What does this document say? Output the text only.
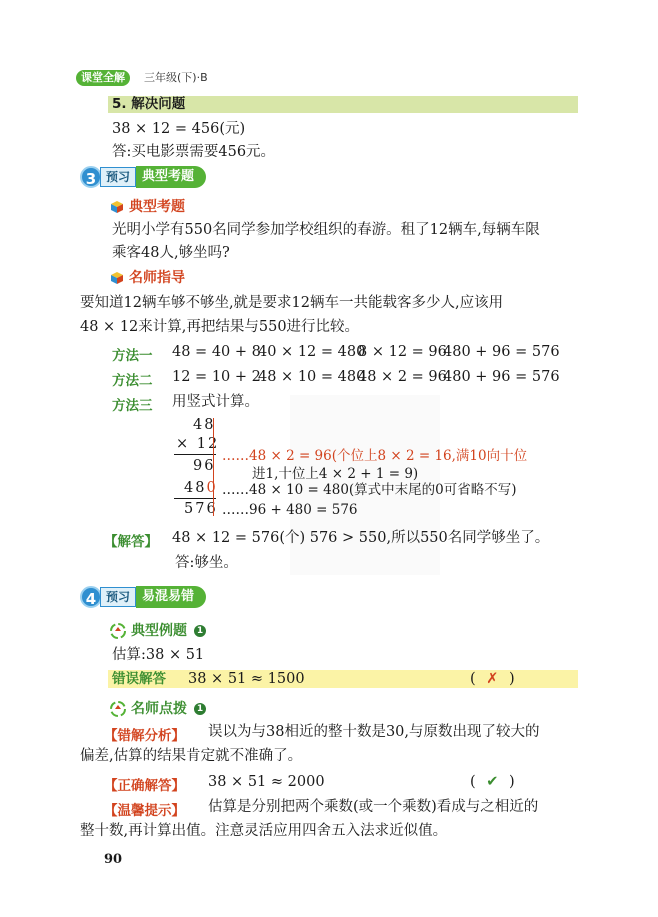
课堂全解	三年级(下)·B
5. 解决问题
38 × 12 = 456(元)
答:买电影票需要456元。
3 预习 典型考题
典型考题
光明小学有550名同学参加学校组织的春游。租了12辆车,每辆车限
乘客48人,够坐吗?
名师指导
要知道12辆车够不够坐,就是要求12辆车一共能载客多少人,应该用
48 × 12来计算,再把结果与550进行比较。
方法一 48 = 40 + 8
40 × 12 = 480
8 × 12 = 96
480 + 96 = 576
方法二 12 = 10 + 2
48 × 10 = 480
48 × 2 = 96
480 + 96 = 576
方法三 用竖式计算。
48
× 12
96
480
576
……48 × 2 = 96(个位上8 × 2 = 16,满10向十位
进1,十位上4 × 2 + 1 = 9)
……48 × 10 = 480(算式中末尾的0可省略不写)
……96 + 480 = 576
【解答】 48 × 12 = 576(个) 576 > 550,所以550名同学够坐了。
答:够坐。
4 预习 易混易错
典型例题	1
估算:38 × 51
错误解答 38 × 51 ≈ 1500	( ✗ )
名师点拨	1
【错解分析】 误以为与38相近的整十数是30,与原数出现了较大的
偏差,估算的结果肯定就不准确了。
【正确解答】 38 × 51 ≈ 2000	( ✔ )
【温馨提示】 估算是分别把两个乘数(或一个乘数)看成与之相近的
整十数,再计算出值。注意灵活应用四舍五入法求近似值。
90
